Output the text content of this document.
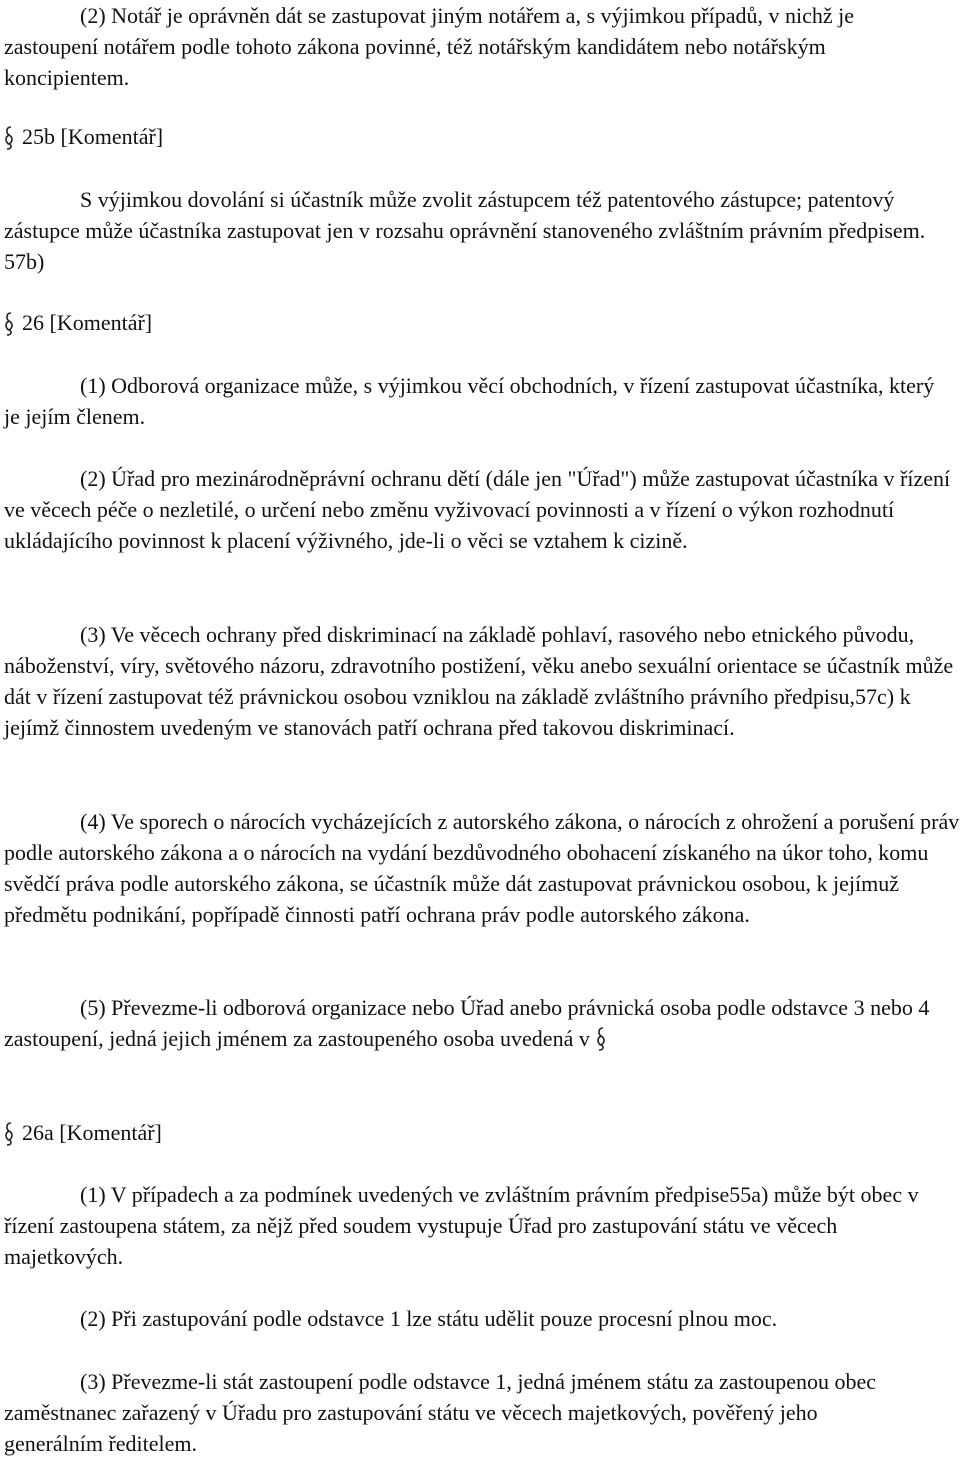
(2) Notář je oprávněn dát se zastupovat jiným notářem a, s výjimkou případů, v nichž je zastoupení notářem podle tohoto zákona povinné, též notářským kandidátem nebo notářským koncipientem.

25b [Komentář]

S výjimkou dovolání si účastník může zvolit zástupcem též patentového zástupce; patentový zástupce může účastníka zastupovat jen v rozsahu oprávnění stanoveného zvláštním právním předpisem. 57b)

26 [Komentář]

(1) Odborová organizace může, s výjimkou věcí obchodních, v řízení zastupovat účastníka, který je jejím členem.

(2) Úřad pro mezinárodněprávní ochranu dětí (dále jen "Úřad") může zastupovat účastníka v řízení ve věcech péče o nezletilé, o určení nebo změnu vyživovací povinnosti a v řízení o výkon rozhodnutí ukládajícího povinnost k placení výživného, jde-li o věci se vztahem k cizině.

(3) Ve věcech ochrany před diskriminací na základě pohlaví, rasového nebo etnického původu, náboženství, víry, světového názoru, zdravotního postižení, věku anebo sexuální orientace se účastník může dát v řízení zastupovat též právnickou osobou vzniklou na základě zvláštního právního předpisu,57c) k jejímž činnostem uvedeným ve stanovách patří ochrana před takovou diskriminací.

(4) Ve sporech o nárocích vycházejících z autorského zákona, o nárocích z ohrožení a porušení práv podle autorského zákona a o nárocích na vydání bezdůvodného obohacení získaného na úkor toho, komu svědčí práva podle autorského zákona, se účastník může dát zastupovat právnickou osobou, k jejímuž předmětu podnikání, popřípadě činnosti patří ochrana práv podle autorského zákona.

(5) Převezme-li odborová organizace nebo Úřad anebo právnická osoba podle odstavce 3 nebo 4 zastoupení, jedná jejich jménem za zastoupeného osoba uvedená v

26a [Komentář]

(1) V případech a za podmínek uvedených ve zvláštním právním předpise55a) může být obec v řízení zastoupena státem, za nějž před soudem vystupuje Úřad pro zastupování státu ve věcech majetkových.

(2) Při zastupování podle odstavce 1 lze státu udělit pouze procesní plnou moc.

(3) Převezme-li stát zastoupení podle odstavce 1, jedná jménem státu za zastoupenou obec zaměstnanec zařazený v Úřadu pro zastupování státu ve věcech majetkových, pověřený jeho generálním ředitelem.
